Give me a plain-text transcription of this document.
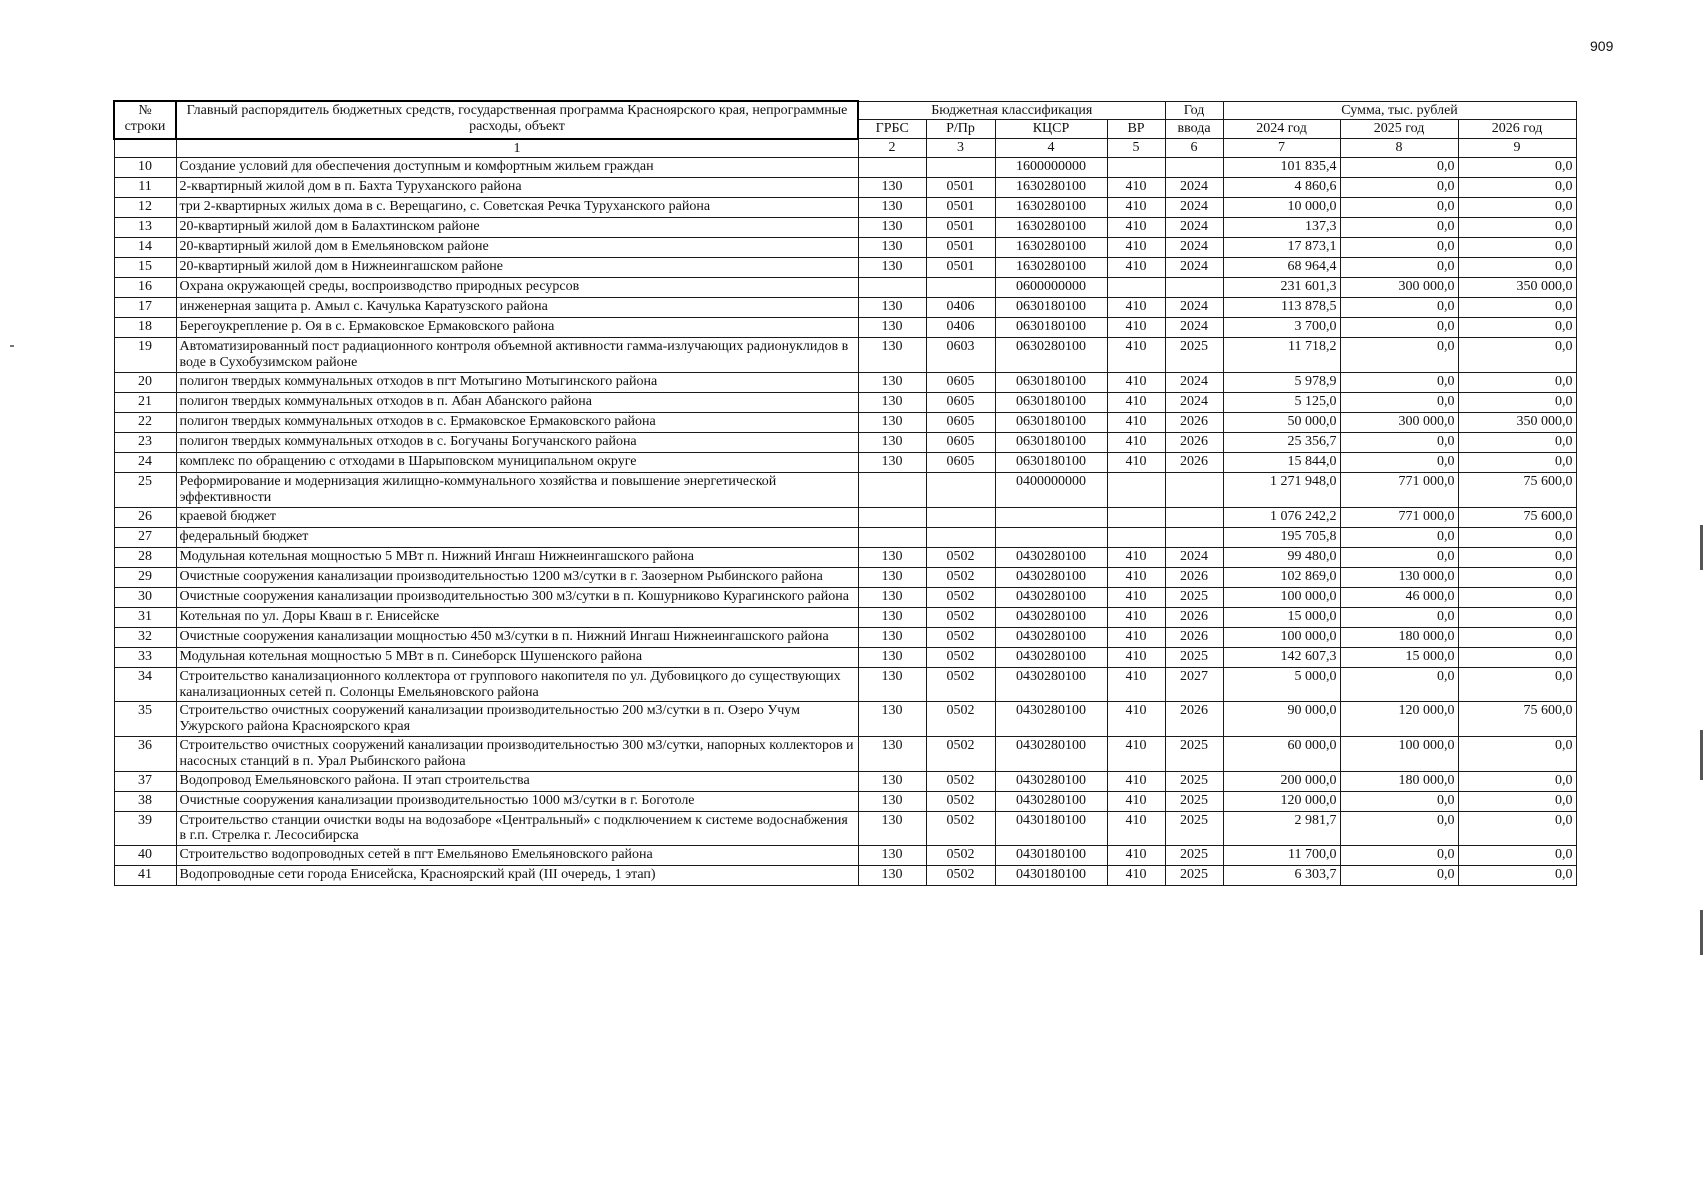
909
№
строки	Главный распорядитель бюджетных средств, государственная программа Красноярского края, непрограммные расходы, объект	Бюджетная классификация				Год	Сумма, тыс. рублей		
		ГРБС	Р/Пр	КЦСР	ВР	ввода	2024 год	2025 год	2026 год
	1	2	3	4	5	6	7	8	9
10	Создание условий для обеспечения доступным и комфортным жильем граждан			1600000000			101 835,4	0,0	0,0
11	2-квартирный жилой дом в п. Бахта Туруханского района	130	0501	1630280100	410	2024	4 860,6	0,0	0,0
12	три 2-квартирных жилых дома в с. Верещагино, с. Советская Речка Туруханского района	130	0501	1630280100	410	2024	10 000,0	0,0	0,0
13	20-квартирный жилой дом в Балахтинском районе	130	0501	1630280100	410	2024	137,3	0,0	0,0
14	20-квартирный жилой дом в Емельяновском районе	130	0501	1630280100	410	2024	17 873,1	0,0	0,0
15	20-квартирный жилой дом в Нижнеингашском районе	130	0501	1630280100	410	2024	68 964,4	0,0	0,0
16	Охрана окружающей среды, воспроизводство природных ресурсов			0600000000			231 601,3	300 000,0	350 000,0
17	инженерная защита р. Амыл с. Качулька Каратузского района	130	0406	0630180100	410	2024	113 878,5	0,0	0,0
18	Берегоукрепление р. Оя в с. Ермаковское Ермаковского района	130	0406	0630180100	410	2024	3 700,0	0,0	0,0
19	Автоматизированный пост радиационного контроля объемной активности гамма-излучающих радионуклидов в воде в Сухобузимском районе	130	0603	0630280100	410	2025	11 718,2	0,0	0,0
20	полигон твердых коммунальных отходов в пгт Мотыгино Мотыгинского района	130	0605	0630180100	410	2024	5 978,9	0,0	0,0
21	полигон твердых коммунальных отходов в п. Абан Абанского района	130	0605	0630180100	410	2024	5 125,0	0,0	0,0
22	полигон твердых коммунальных отходов в с. Ермаковское Ермаковского района	130	0605	0630180100	410	2026	50 000,0	300 000,0	350 000,0
23	полигон твердых коммунальных отходов в с. Богучаны Богучанского района	130	0605	0630180100	410	2026	25 356,7	0,0	0,0
24	комплекс по обращению с отходами в Шарыповском муниципальном округе	130	0605	0630180100	410	2026	15 844,0	0,0	0,0
25	Реформирование и модернизация жилищно-коммунального хозяйства и повышение энергетической эффективности			0400000000			1 271 948,0	771 000,0	75 600,0
26	краевой бюджет						1 076 242,2	771 000,0	75 600,0
27	федеральный бюджет						195 705,8	0,0	0,0
28	Модульная котельная мощностью 5 МВт п. Нижний Ингаш Нижнеингашского района	130	0502	0430280100	410	2024	99 480,0	0,0	0,0
29	Очистные сооружения канализации производительностью 1200 м3/сутки в г. Заозерном Рыбинского района	130	0502	0430280100	410	2026	102 869,0	130 000,0	0,0
30	Очистные сооружения канализации производительностью 300 м3/сутки в п. Кошурниково Курагинского района	130	0502	0430280100	410	2025	100 000,0	46 000,0	0,0
31	Котельная по ул. Доры Кваш в г. Енисейске	130	0502	0430280100	410	2026	15 000,0	0,0	0,0
32	Очистные сооружения канализации мощностью 450 м3/сутки в п. Нижний Ингаш Нижнеингашского района	130	0502	0430280100	410	2026	100 000,0	180 000,0	0,0
33	Модульная котельная мощностью 5 МВт в п. Синеборск Шушенского района	130	0502	0430280100	410	2025	142 607,3	15 000,0	0,0
34	Строительство канализационного коллектора от группового накопителя по ул. Дубовицкого до существующих канализационных сетей п. Солонцы Емельяновского района	130	0502	0430280100	410	2027	5 000,0	0,0	0,0
35	Строительство очистных сооружений канализации производительностью 200 м3/сутки в п. Озеро Учум Ужурского района Красноярского края	130	0502	0430280100	410	2026	90 000,0	120 000,0	75 600,0
36	Строительство очистных сооружений канализации производительностью 300 м3/сутки, напорных коллекторов и насосных станций в п. Урал Рыбинского района	130	0502	0430280100	410	2025	60 000,0	100 000,0	0,0
37	Водопровод Емельяновского района. II этап строительства	130	0502	0430280100	410	2025	200 000,0	180 000,0	0,0
38	Очистные сооружения канализации производительностью 1000 м3/сутки в г. Боготоле	130	0502	0430280100	410	2025	120 000,0	0,0	0,0
39	Строительство станции очистки воды на водозаборе «Центральный» с подключением к системе водоснабжения в г.п. Стрелка г. Лесосибирска	130	0502	0430180100	410	2025	2 981,7	0,0	0,0
40	Строительство водопроводных сетей в пгт Емельяново Емельяновского района	130	0502	0430180100	410	2025	11 700,0	0,0	0,0
41	Водопроводные сети города Енисейска, Красноярский край (III очередь, 1 этап)	130	0502	0430180100	410	2025	6 303,7	0,0	0,0
